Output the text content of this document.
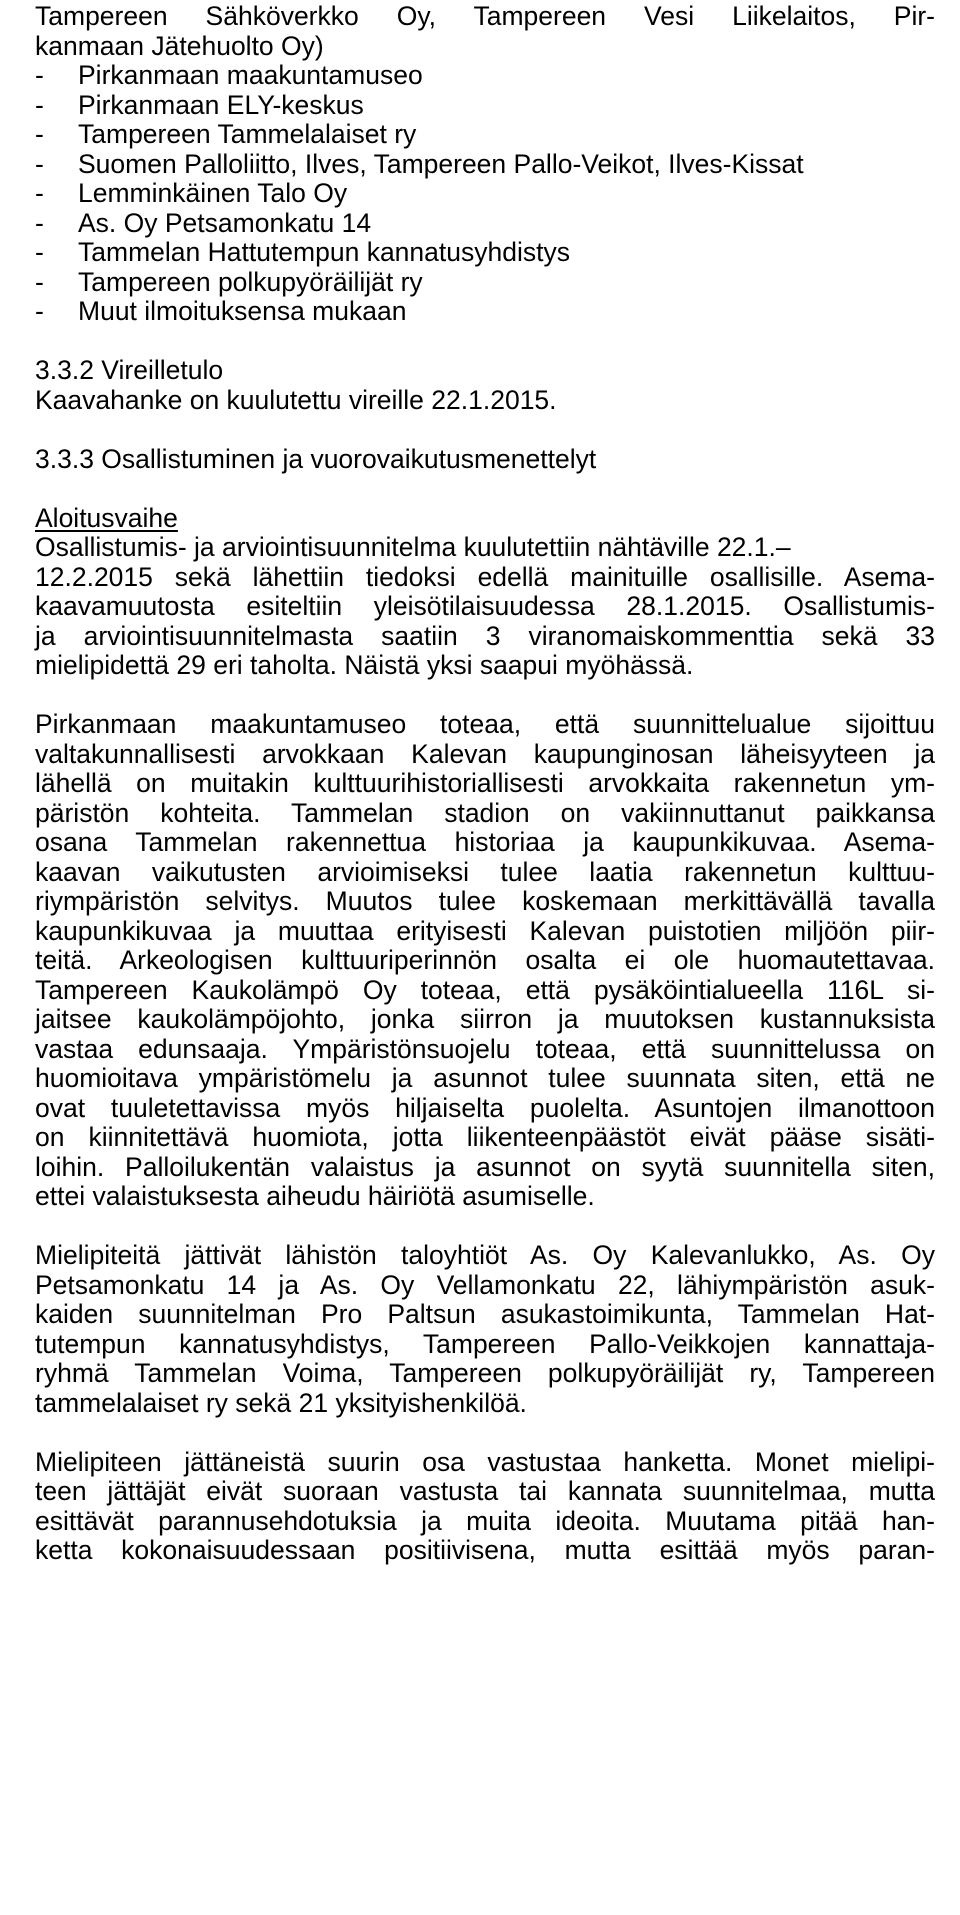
Tampereen Sähköverkko Oy, Tampereen Vesi Liikelaitos, Pir-
kanmaan Jätehuolto Oy)
- Pirkanmaan maakuntamuseo
- Pirkanmaan ELY-keskus
- Tampereen Tammelalaiset ry
- Suomen Palloliitto, Ilves, Tampereen Pallo-Veikot, Ilves-Kissat
- Lemminkäinen Talo Oy
- As. Oy Petsamonkatu 14
- Tammelan Hattutempun kannatusyhdistys
- Tampereen polkupyöräilijät ry
- Muut ilmoituksensa mukaan
3.3.2 Vireilletulo
Kaavahanke on kuulutettu vireille 22.1.2015.
3.3.3 Osallistuminen ja vuorovaikutusmenettelyt
Aloitusvaihe
Osallistumis- ja arviointisuunnitelma kuulutettiin nähtäville 22.1.–
12.2.2015 sekä lähettiin tiedoksi edellä mainituille osallisille. Asema-
kaavamuutosta esiteltiin yleisötilaisuudessa 28.1.2015. Osallistumis-
ja arviointisuunnitelmasta saatiin 3 viranomaiskommenttia sekä 33
mielipidettä 29 eri taholta. Näistä yksi saapui myöhässä.
Pirkanmaan maakuntamuseo toteaa, että suunnittelualue sijoittuu
valtakunnallisesti arvokkaan Kalevan kaupunginosan läheisyyteen ja
lähellä on muitakin kulttuurihistoriallisesti arvokkaita rakennetun ym-
päristön kohteita. Tammelan stadion on vakiinnuttanut paikkansa
osana Tammelan rakennettua historiaa ja kaupunkikuvaa. Asema-
kaavan vaikutusten arvioimiseksi tulee laatia rakennetun kulttuu-
riympäristön selvitys. Muutos tulee koskemaan merkittävällä tavalla
kaupunkikuvaa ja muuttaa erityisesti Kalevan puistotien miljöön piir-
teitä. Arkeologisen kulttuuriperinnön osalta ei ole huomautettavaa.
Tampereen Kaukolämpö Oy toteaa, että pysäköintialueella 116L si-
jaitsee kaukolämpöjohto, jonka siirron ja muutoksen kustannuksista
vastaa edunsaaja. Ympäristönsuojelu toteaa, että suunnittelussa on
huomioitava ympäristömelu ja asunnot tulee suunnata siten, että ne
ovat tuuletettavissa myös hiljaiselta puolelta. Asuntojen ilmanottoon
on kiinnitettävä huomiota, jotta liikenteenpäästöt eivät pääse sisäti-
loihin. Palloilukentän valaistus ja asunnot on syytä suunnitella siten,
ettei valaistuksesta aiheudu häiriötä asumiselle.
Mielipiteitä jättivät lähistön taloyhtiöt As. Oy Kalevanlukko, As. Oy
Petsamonkatu 14 ja As. Oy Vellamonkatu 22, lähiympäristön asuk-
kaiden suunnitelman Pro Paltsun asukastoimikunta, Tammelan Hat-
tutempun kannatusyhdistys, Tampereen Pallo-Veikkojen kannattaja-
ryhmä Tammelan Voima, Tampereen polkupyöräilijät ry, Tampereen
tammelalaiset ry sekä 21 yksityishenkilöä.
Mielipiteen jättäneistä suurin osa vastustaa hanketta. Monet mielipi-
teen jättäjät eivät suoraan vastusta tai kannata suunnitelmaa, mutta
esittävät parannusehdotuksia ja muita ideoita. Muutama pitää han-
ketta kokonaisuudessaan positiivisena, mutta esittää myös paran-
